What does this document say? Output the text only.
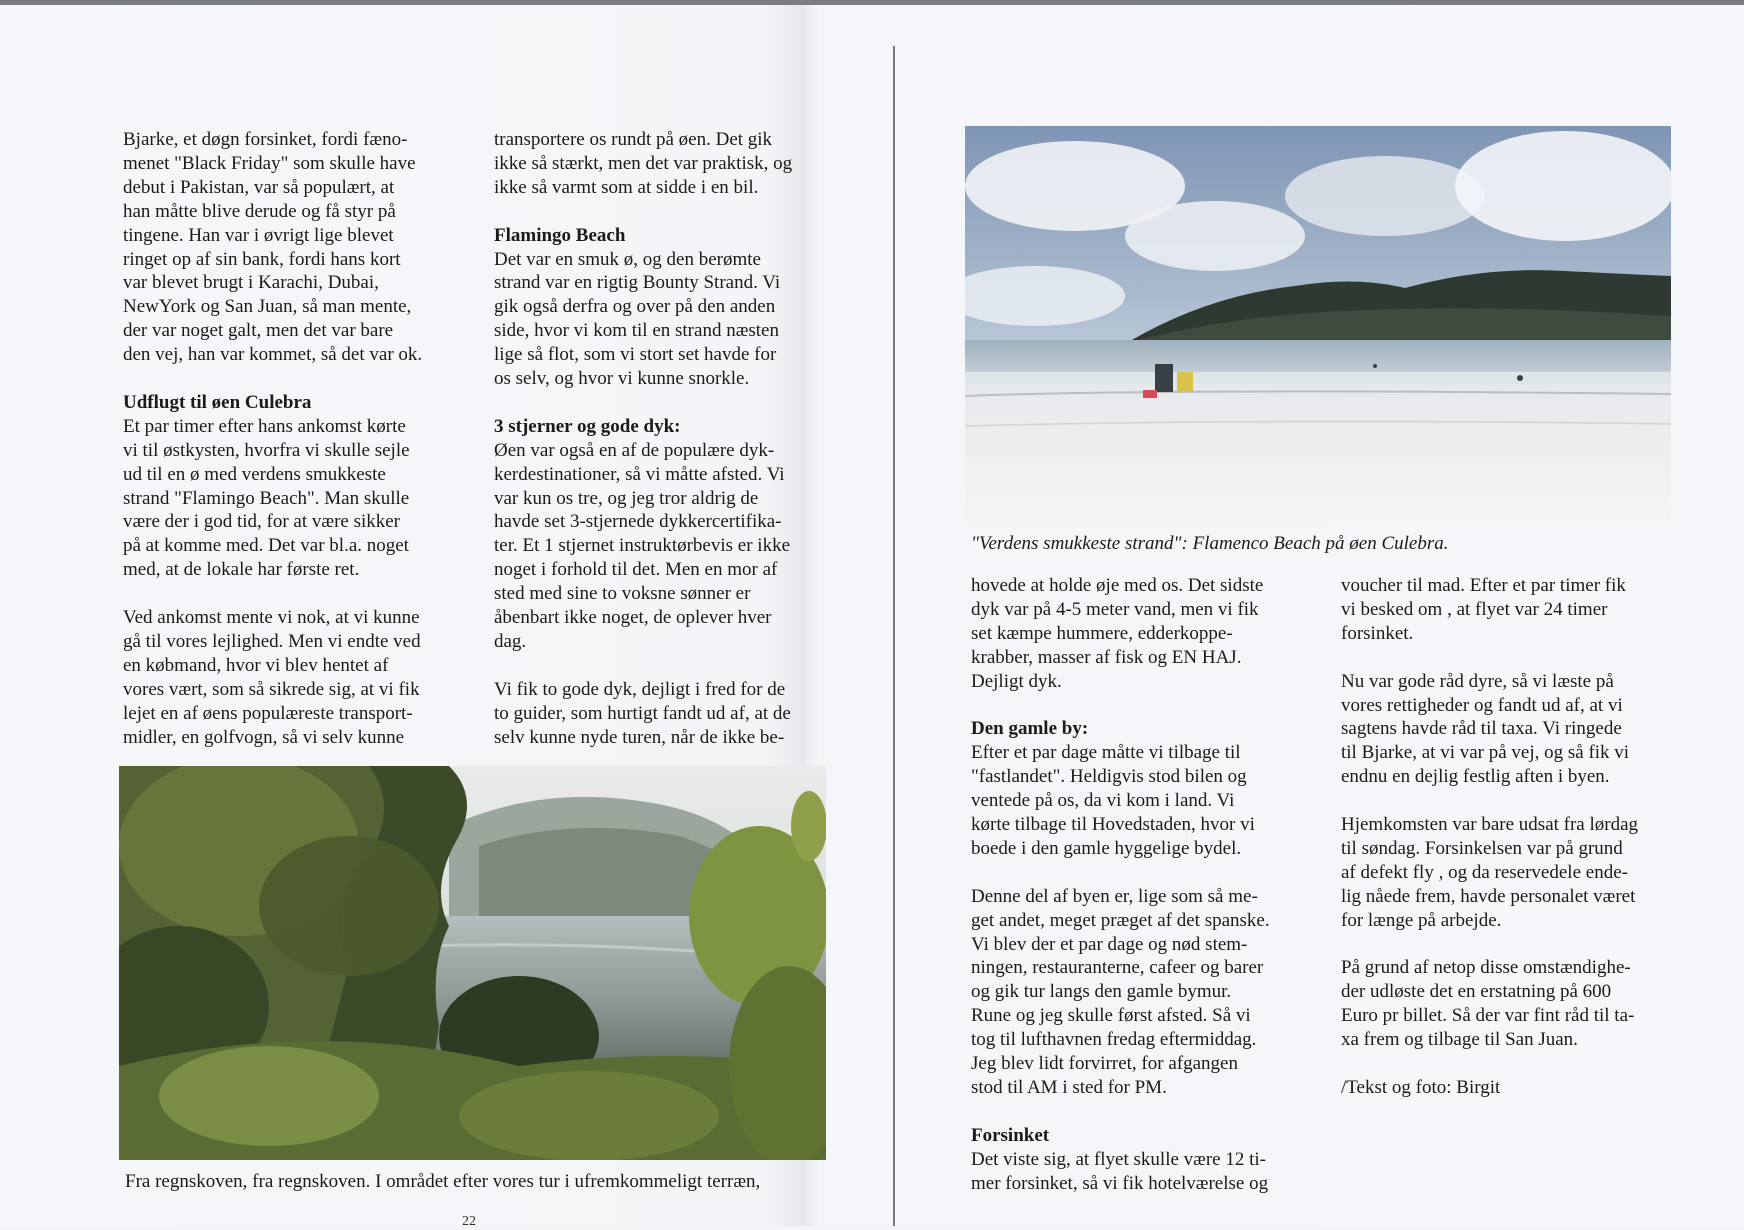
Bjarke, et døgn forsinket, fordi fæno-

menet "Black Friday" som skulle have

debut i Pakistan, var så populært, at

han måtte blive derude og få styr på

tingene. Han var i øvrigt lige blevet

ringet op af sin bank, fordi hans kort

var blevet brugt i Karachi, Dubai,

NewYork og San Juan, så man mente,

der var noget galt, men det var bare

den vej, han var kommet, så det var ok.

Udflugt til øen Culebra

Et par timer efter hans ankomst kørte

vi til østkysten, hvorfra vi skulle sejle

ud til en ø med verdens smukkeste

strand "Flamingo Beach". Man skulle

være der i god tid, for at være sikker

på at komme med. Det var bl.a. noget

med, at de lokale har første ret.

Ved ankomst mente vi nok, at vi kunne

gå til vores lejlighed. Men vi endte ved

en købmand, hvor vi blev hentet af

vores vært, som så sikrede sig, at vi fik

lejet en af øens populæreste transport-

midler, en golfvogn, så vi selv kunne

transportere os rundt på øen. Det gik

ikke så stærkt, men det var praktisk, og

ikke så varmt som at sidde i en bil.

Flamingo Beach

Det var en smuk ø, og den berømte

strand var en rigtig Bounty Strand. Vi

gik også derfra og over på den anden

side, hvor vi kom til en strand næsten

lige så flot, som vi stort set havde for

os selv, og hvor vi kunne snorkle.

3 stjerner og gode dyk:

Øen var også en af de populære dyk-

kerdestinationer, så vi måtte afsted. Vi

var kun os tre, og jeg tror aldrig de

havde set 3-stjernede dykkercertifika-

ter. Et 1 stjernet instruktørbevis er ikke

noget i forhold til det. Men en mor af

sted med sine to voksne sønner er

åbenbart ikke noget, de oplever hver

dag.

Vi fik to gode dyk, dejligt i fred for de

to guider, som hurtigt fandt ud af, at de

selv kunne nyde turen, når de ikke be-

Fra regnskoven, fra regnskoven. I området efter vores tur i ufremkommeligt terræn,
22
"Verdens smukkeste strand": Flamenco Beach på øen Culebra.

hovede at holde øje med os. Det sidste

dyk var på 4-5 meter vand, men vi fik

set kæmpe hummere, edderkoppe-

krabber, masser af fisk og EN HAJ.

Dejligt dyk.

Den gamle by:

Efter et par dage måtte vi tilbage til

"fastlandet". Heldigvis stod bilen og

ventede på os, da vi kom i land. Vi

kørte tilbage til Hovedstaden, hvor vi

boede i den gamle hyggelige bydel.

Denne del af byen er, lige som så me-

get andet, meget præget af det spanske.

Vi blev der et par dage og nød stem-

ningen, restauranterne, cafeer og barer

og gik tur langs den gamle bymur.

Rune og jeg skulle først afsted. Så vi

tog til lufthavnen fredag eftermiddag.

Jeg blev lidt forvirret, for afgangen

stod til AM i sted for PM.

Forsinket

Det viste sig, at flyet skulle være 12 ti-

mer forsinket, så vi fik hotelværelse og

voucher til mad. Efter et par timer fik

vi besked om , at flyet var 24 timer

forsinket.

Nu var gode råd dyre, så vi læste på

vores rettigheder og fandt ud af, at vi

sagtens havde råd til taxa. Vi ringede

til Bjarke, at vi var på vej, og så fik vi

endnu en dejlig festlig aften i byen.

Hjemkomsten var bare udsat fra lørdag

til søndag. Forsinkelsen var på grund

af defekt fly , og da reservedele ende-

lig nåede frem, havde personalet været

for længe på arbejde.

På grund af netop disse omstændighe-

der udløste det en erstatning på 600

Euro pr billet. Så der var fint råd til ta-

xa frem og tilbage til San Juan.

/Tekst og foto: Birgit
